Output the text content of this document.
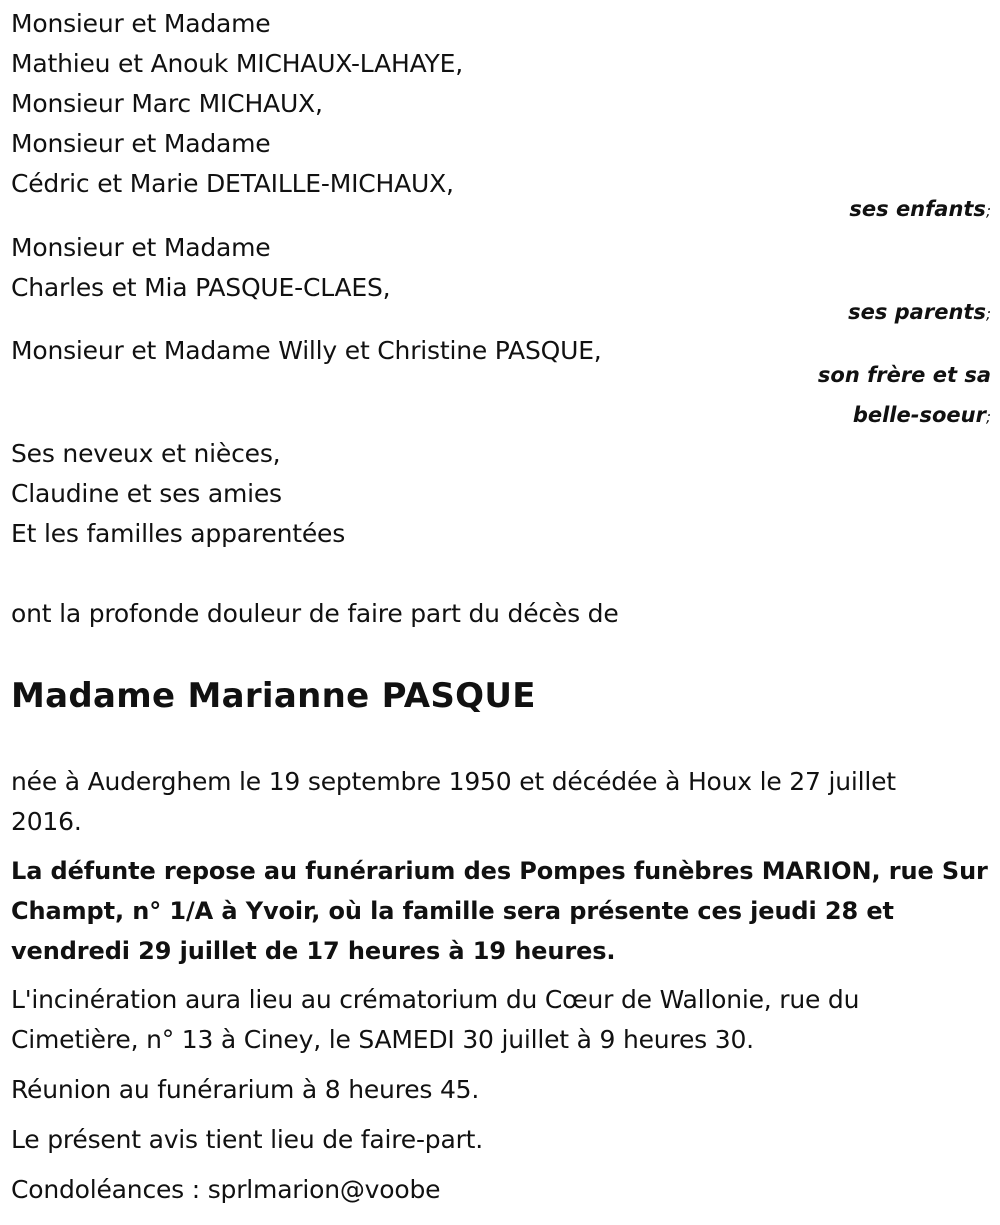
Monsieur et Madame
Mathieu et Anouk MICHAUX-LAHAYE,
Monsieur Marc MICHAUX,
Monsieur et Madame
Cédric et Marie DETAILLE-MICHAUX,
ses enfants;
Monsieur et Madame
Charles et Mia PASQUE-CLAES,
ses parents;
Monsieur et Madame Willy et Christine PASQUE,
son frère et sa
belle-soeur;
Ses neveux et nièces,
Claudine et ses amies
Et les familles apparentées
ont la profonde douleur de faire part du décès de
Madame Marianne PASQUE
née à Auderghem le 19 septembre 1950 et décédée à Houx le 27 juillet 2016.
La défunte repose au funérarium des Pompes funèbres MARION, rue Sur Champt, n° 1/A à Yvoir, où la famille sera présente ces jeudi 28 et vendredi 29 juillet de 17 heures à 19 heures.
L'incinération aura lieu au crématorium du Cœur de Wallonie, rue du Cimetière, n° 13 à Ciney, le SAMEDI 30 juillet à 9 heures 30.
Réunion au funérarium à 8 heures 45.
Le présent avis tient lieu de faire-part.
Condoléances : sprlmarion@voobe
